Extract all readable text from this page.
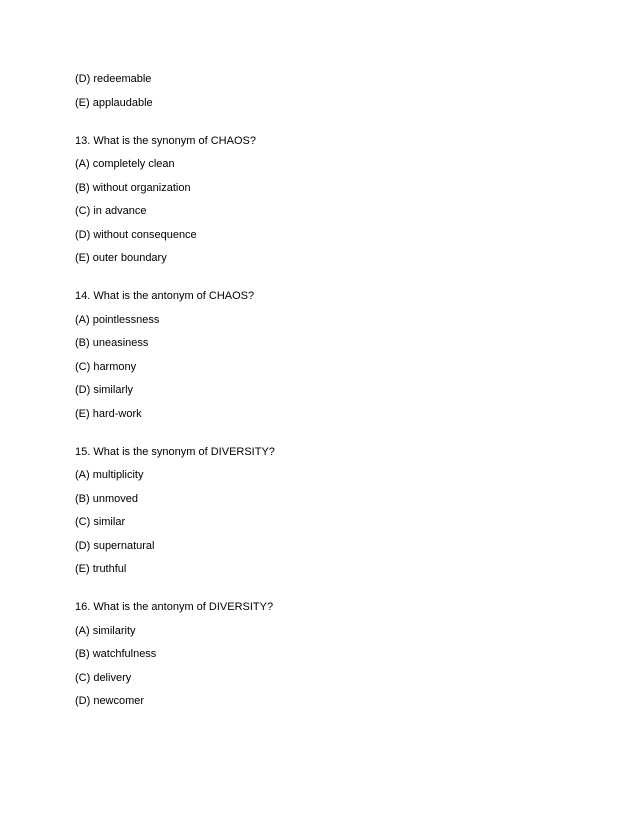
(D) redeemable
(E) applaudable
13. What is the synonym of CHAOS?
(A) completely clean
(B) without organization
(C) in advance
(D) without consequence
(E) outer boundary
14. What is the antonym of CHAOS?
(A) pointlessness
(B) uneasiness
(C) harmony
(D) similarly
(E) hard-work
15. What is the synonym of DIVERSITY?
(A) multiplicity
(B) unmoved
(C) similar
(D) supernatural
(E) truthful
16. What is the antonym of DIVERSITY?
(A) similarity
(B) watchfulness
(C) delivery
(D) newcomer
